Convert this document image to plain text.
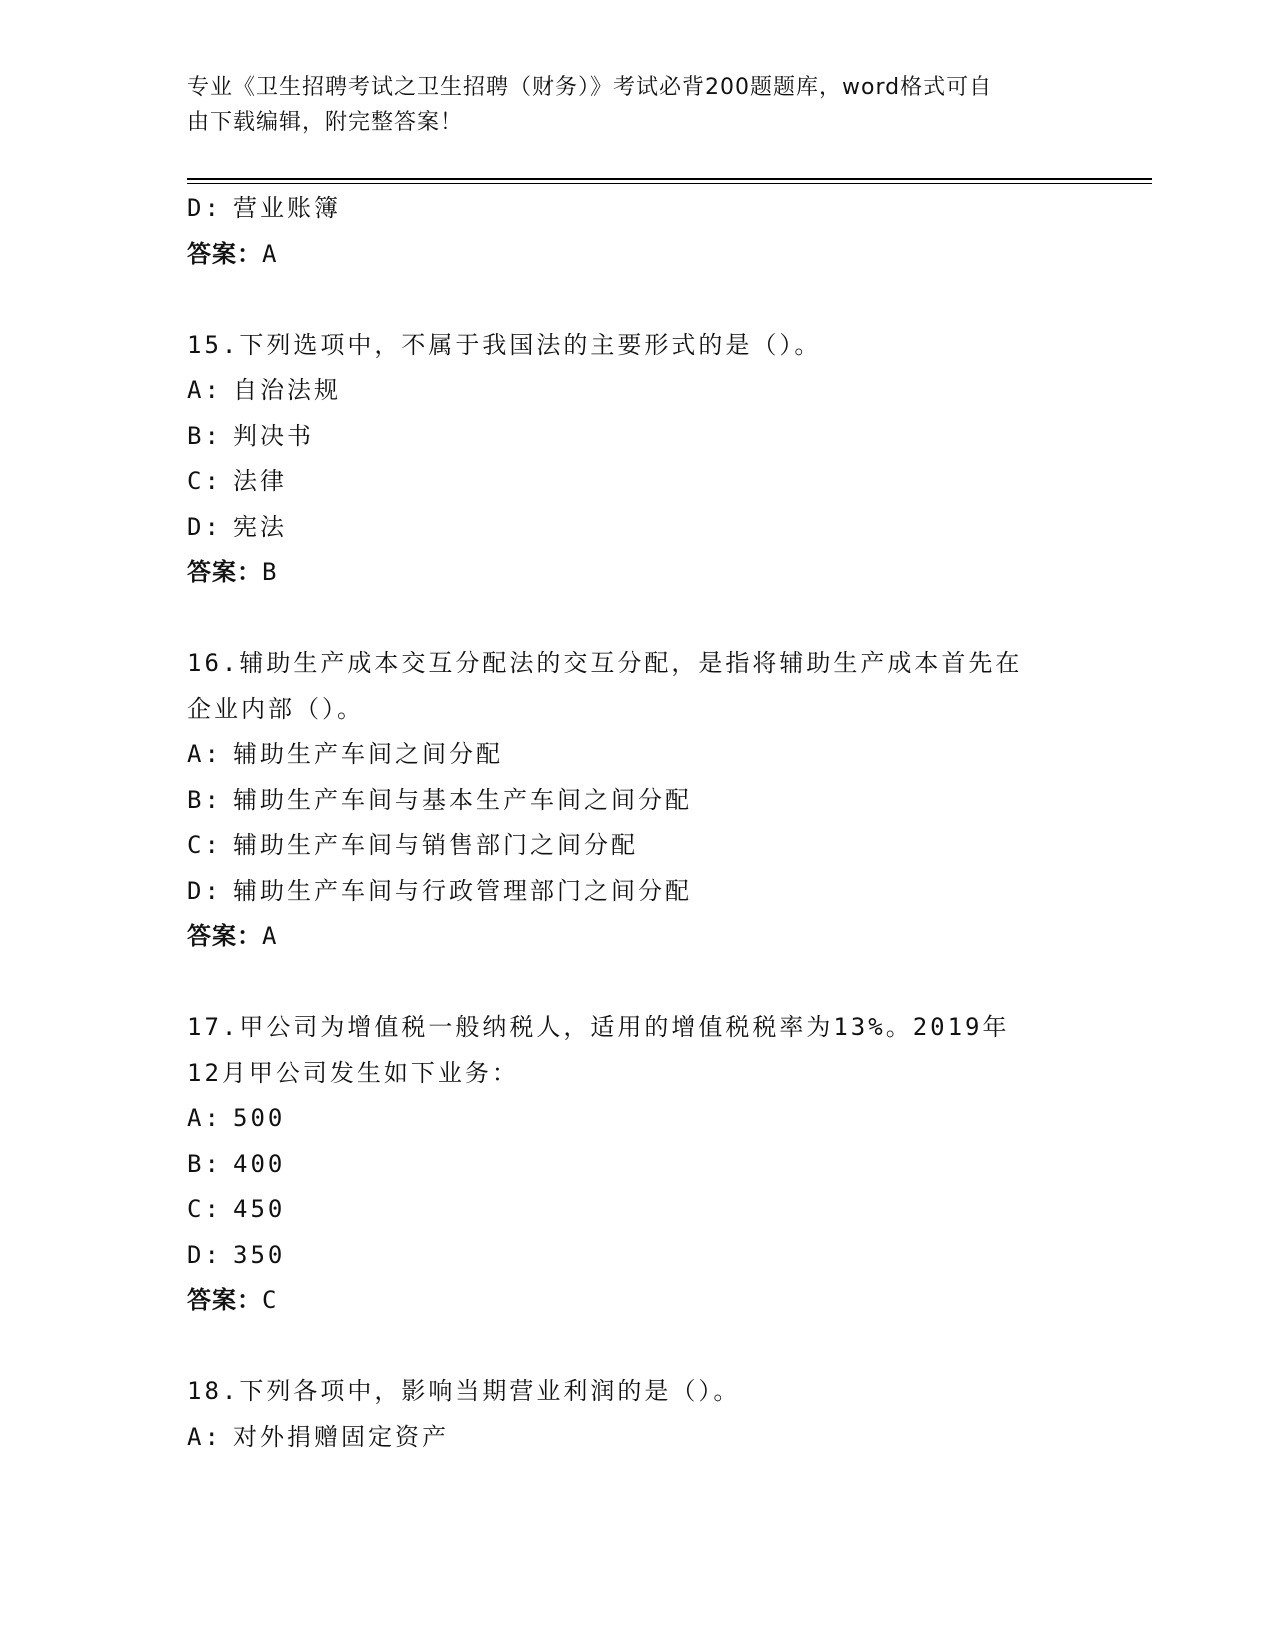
专业《卫生招聘考试之卫生招聘（财务）》考试必背200题题库，word格式可自
由下载编辑，附完整答案！
D: 营业账簿
答案：A
15.下列选项中，不属于我国法的主要形式的是（）。
A: 自治法规
B: 判决书
C: 法律
D: 宪法
答案：B
16.辅助生产成本交互分配法的交互分配，是指将辅助生产成本首先在
企业内部（）。
A: 辅助生产车间之间分配
B: 辅助生产车间与基本生产车间之间分配
C: 辅助生产车间与销售部门之间分配
D: 辅助生产车间与行政管理部门之间分配
答案：A
17.甲公司为增值税一般纳税人，适用的增值税税率为13%。2019年
12月甲公司发生如下业务：
A: 500
B: 400
C: 450
D: 350
答案：C
18.下列各项中，影响当期营业利润的是（）。
A: 对外捐赠固定资产
